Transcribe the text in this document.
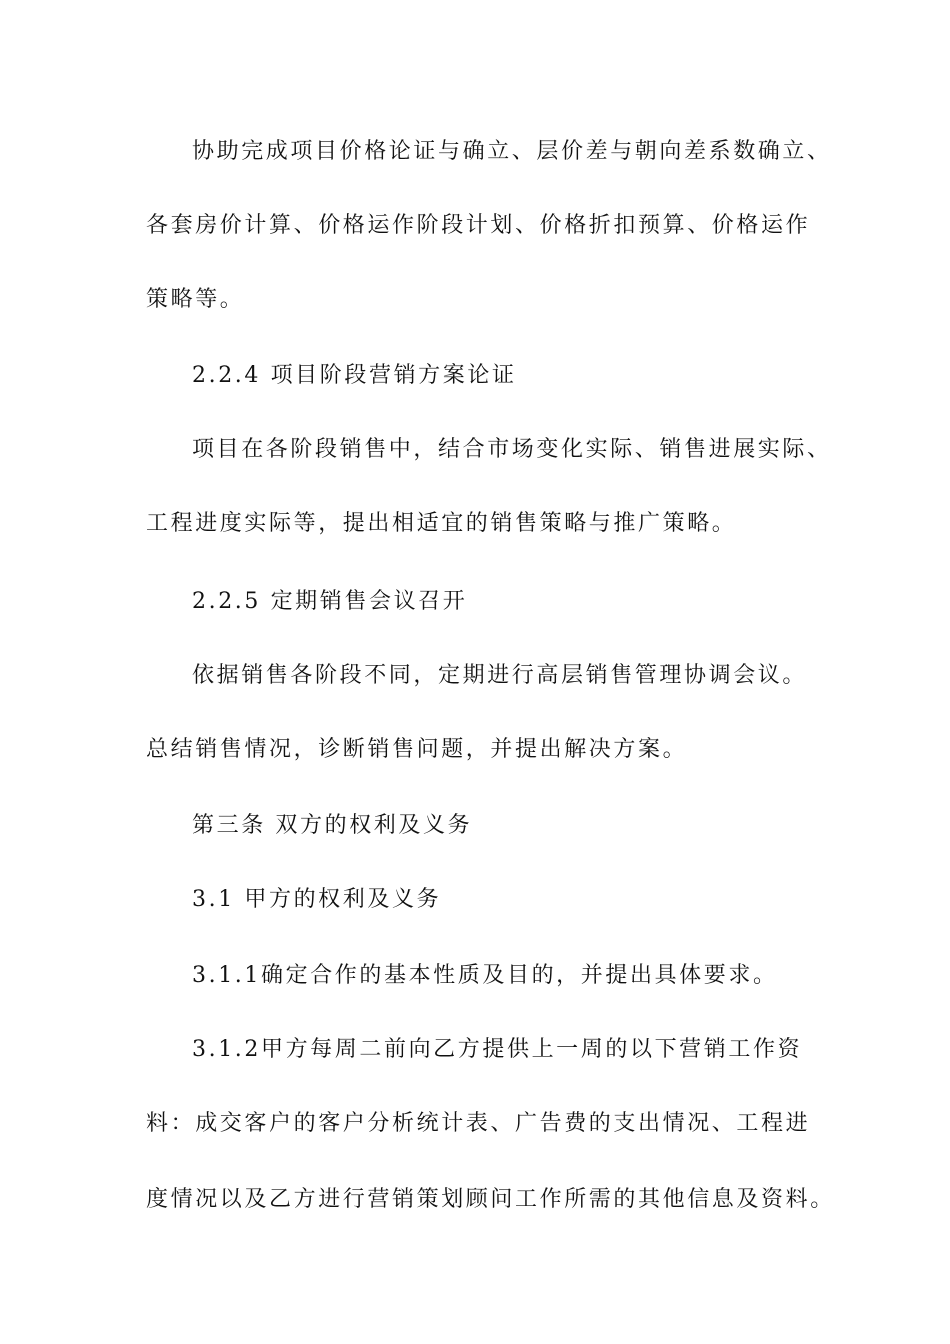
协助完成项目价格论证与确立、层价差与朝向差系数确立、
各套房价计算、价格运作阶段计划、价格折扣预算、价格运作
策略等。
2.2.4 项目阶段营销方案论证
项目在各阶段销售中，结合市场变化实际、销售进展实际、
工程进度实际等，提出相适宜的销售策略与推广策略。
2.2.5 定期销售会议召开
依据销售各阶段不同，定期进行高层销售管理协调会议。
总结销售情况，诊断销售问题，并提出解决方案。
第三条 双方的权利及义务
3.1 甲方的权利及义务
3.1.1确定合作的基本性质及目的，并提出具体要求。
3.1.2甲方每周二前向乙方提供上一周的以下营销工作资
料：成交客户的客户分析统计表、广告费的支出情况、工程进
度情况以及乙方进行营销策划顾问工作所需的其他信息及资料。
